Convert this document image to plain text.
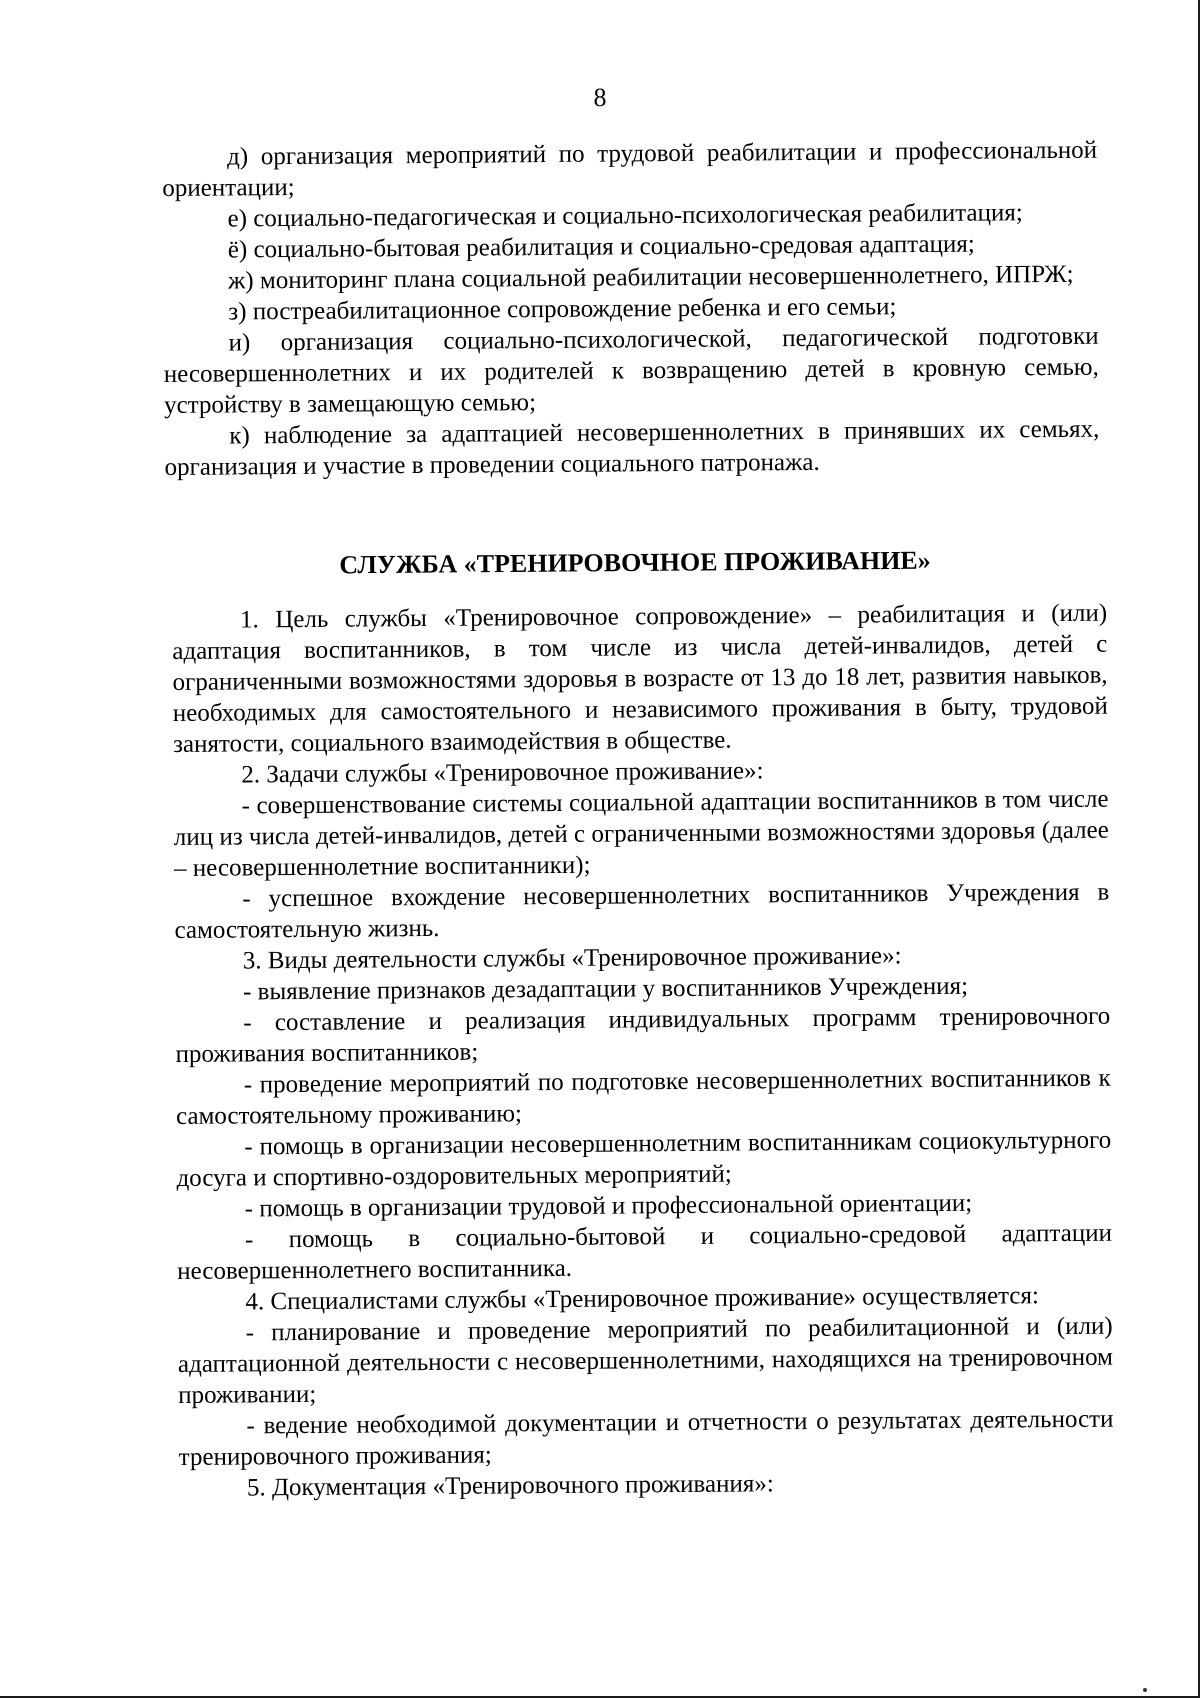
8

д) организация мероприятий по трудовой реабилитации и профессиональной ориентации;

е) социально-педагогическая и социально-психологическая реабилитация;

ё) социально-бытовая реабилитация и социально-средовая адаптация;

ж) мониторинг плана социальной реабилитации несовершеннолетнего, ИПРЖ;

з) постреабилитационное сопровождение ребенка и его семьи;

и) организация социально-психологической, педагогической подготовки несовершеннолетних и их родителей к возвращению детей в кровную семью, устройству в замещающую семью;

к) наблюдение за адаптацией несовершеннолетних в принявших их семьях, организация и участие в проведении социального патронажа.

СЛУЖБА «ТРЕНИРОВОЧНОЕ ПРОЖИВАНИЕ»

1. Цель службы «Тренировочное сопровождение» – реабилитация и (или) адаптация воспитанников, в том числе из числа детей-инвалидов, детей с ограниченными возможностями здоровья в возрасте от 13 до 18 лет, развития навыков, необходимых для самостоятельного и независимого проживания в быту, трудовой занятости, социального взаимодействия в обществе.

2. Задачи службы «Тренировочное проживание»:

- совершенствование системы социальной адаптации воспитанников в том числе лиц из числа детей-инвалидов, детей с ограниченными возможностями здоровья (далее – несовершеннолетние воспитанники);

- успешное вхождение несовершеннолетних воспитанников Учреждения в самостоятельную жизнь.

3. Виды деятельности службы «Тренировочное проживание»:

- выявление признаков дезадаптации у воспитанников Учреждения;

- составление и реализация индивидуальных программ тренировочного проживания воспитанников;

- проведение мероприятий по подготовке несовершеннолетних воспитанников к самостоятельному проживанию;

- помощь в организации несовершеннолетним воспитанникам социокультурного досуга и спортивно-оздоровительных мероприятий;

- помощь в организации трудовой и профессиональной ориентации;

- помощь в социально-бытовой и социально-средовой адаптации несовершеннолетнего воспитанника.

4. Специалистами службы «Тренировочное проживание» осуществляется:

- планирование и проведение мероприятий по реабилитационной и (или) адаптационной деятельности с несовершеннолетними, находящихся на тренировочном проживании;

- ведение необходимой документации и отчетности о результатах деятельности тренировочного проживания;

5. Документация «Тренировочного проживания»:
